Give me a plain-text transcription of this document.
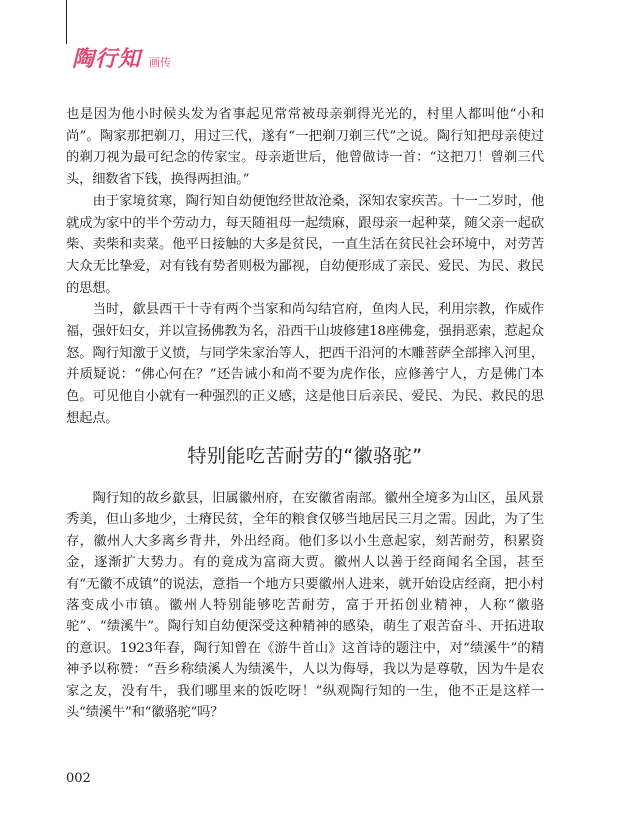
陶行知 画传

也是因为他小时候头发为省事起见常常被母亲剃得光光的，村里人都叫他“小和尚”。陶家那把剃刀，用过三代，遂有“一把剃刀剃三代”之说。陶行知把母亲使过的剃刀视为最可纪念的传家宝。母亲逝世后，他曾做诗一首：“这把刀！曾剃三代头，细数省下钱，换得两担油。”

由于家境贫寒，陶行知自幼便饱经世故沧桑，深知农家疾苦。十一二岁时，他就成为家中的半个劳动力，每天随祖母一起绩麻，跟母亲一起种菜，随父亲一起砍柴、卖柴和卖菜。他平日接触的大多是贫民，一直生活在贫民社会环境中，对劳苦大众无比挚爱，对有钱有势者则极为鄙视，自幼便形成了亲民、爱民、为民、救民的思想。

当时，歙县西干十寺有两个当家和尚勾结官府，鱼肉人民，利用宗教，作威作福，强奸妇女，并以宣扬佛教为名，沿西干山坡修建18座佛龛，强捐恶索，惹起众怒。陶行知激于义愤，与同学朱家治等人，把西干沿河的木雕菩萨全部摔入河里，并质疑说：“佛心何在？”还告诫小和尚不要为虎作伥，应修善宁人，方是佛门本色。可见他自小就有一种强烈的正义感，这是他日后亲民、爱民、为民、救民的思想起点。

特别能吃苦耐劳的“徽骆驼”

陶行知的故乡歙县，旧属徽州府，在安徽省南部。徽州全境多为山区，虽风景秀美，但山多地少，土瘠民贫，全年的粮食仅够当地居民三月之需。因此，为了生存，徽州人大多离乡背井，外出经商。他们多以小生意起家，刻苦耐劳，积累资金，逐渐扩大势力。有的竟成为富商大贾。徽州人以善于经商闻名全国，甚至有“无徽不成镇”的说法，意指一个地方只要徽州人进来，就开始设店经商，把小村落变成小市镇。徽州人特别能够吃苦耐劳，富于开拓创业精神，人称“徽骆驼”、“绩溪牛”。陶行知自幼便深受这种精神的感染，萌生了艰苦奋斗、开拓进取的意识。1923年春，陶行知曾在《游牛首山》这首诗的题注中，对“绩溪牛”的精神予以称赞：“吾乡称绩溪人为绩溪牛，人以为侮辱，我以为是尊敬，因为牛是农家之友，没有牛，我们哪里来的饭吃呀！”纵观陶行知的一生，他不正是这样一头“绩溪牛”和“徽骆驼”吗？

002
